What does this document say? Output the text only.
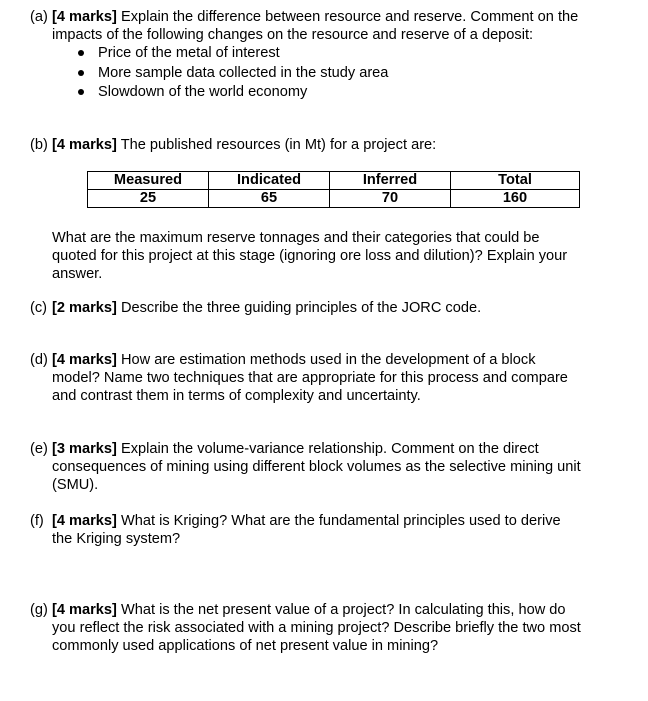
(a) [4 marks] Explain the difference between resource and reserve. Comment on the
impacts of the following changes on the resource and reserve of a deposit:
Price of the metal of interest
More sample data collected in the study area
Slowdown of the world economy
(b) [4 marks] The published resources (in Mt) for a project are:
Measured	Indicated	Inferred	Total
25	65	70	160
What are the maximum reserve tonnages and their categories that could be
quoted for this project at this stage (ignoring ore loss and dilution)? Explain your
answer.
(c) [2 marks] Describe the three guiding principles of the JORC code.
(d) [4 marks] How are estimation methods used in the development of a block
model? Name two techniques that are appropriate for this process and compare
and contrast them in terms of complexity and uncertainty.
(e) [3 marks] Explain the volume-variance relationship. Comment on the direct
consequences of mining using different block volumes as the selective mining unit
(SMU).
(f) [4 marks] What is Kriging? What are the fundamental principles used to derive
the Kriging system?
(g) [4 marks] What is the net present value of a project? In calculating this, how do
you reflect the risk associated with a mining project? Describe briefly the two most
commonly used applications of net present value in mining?
